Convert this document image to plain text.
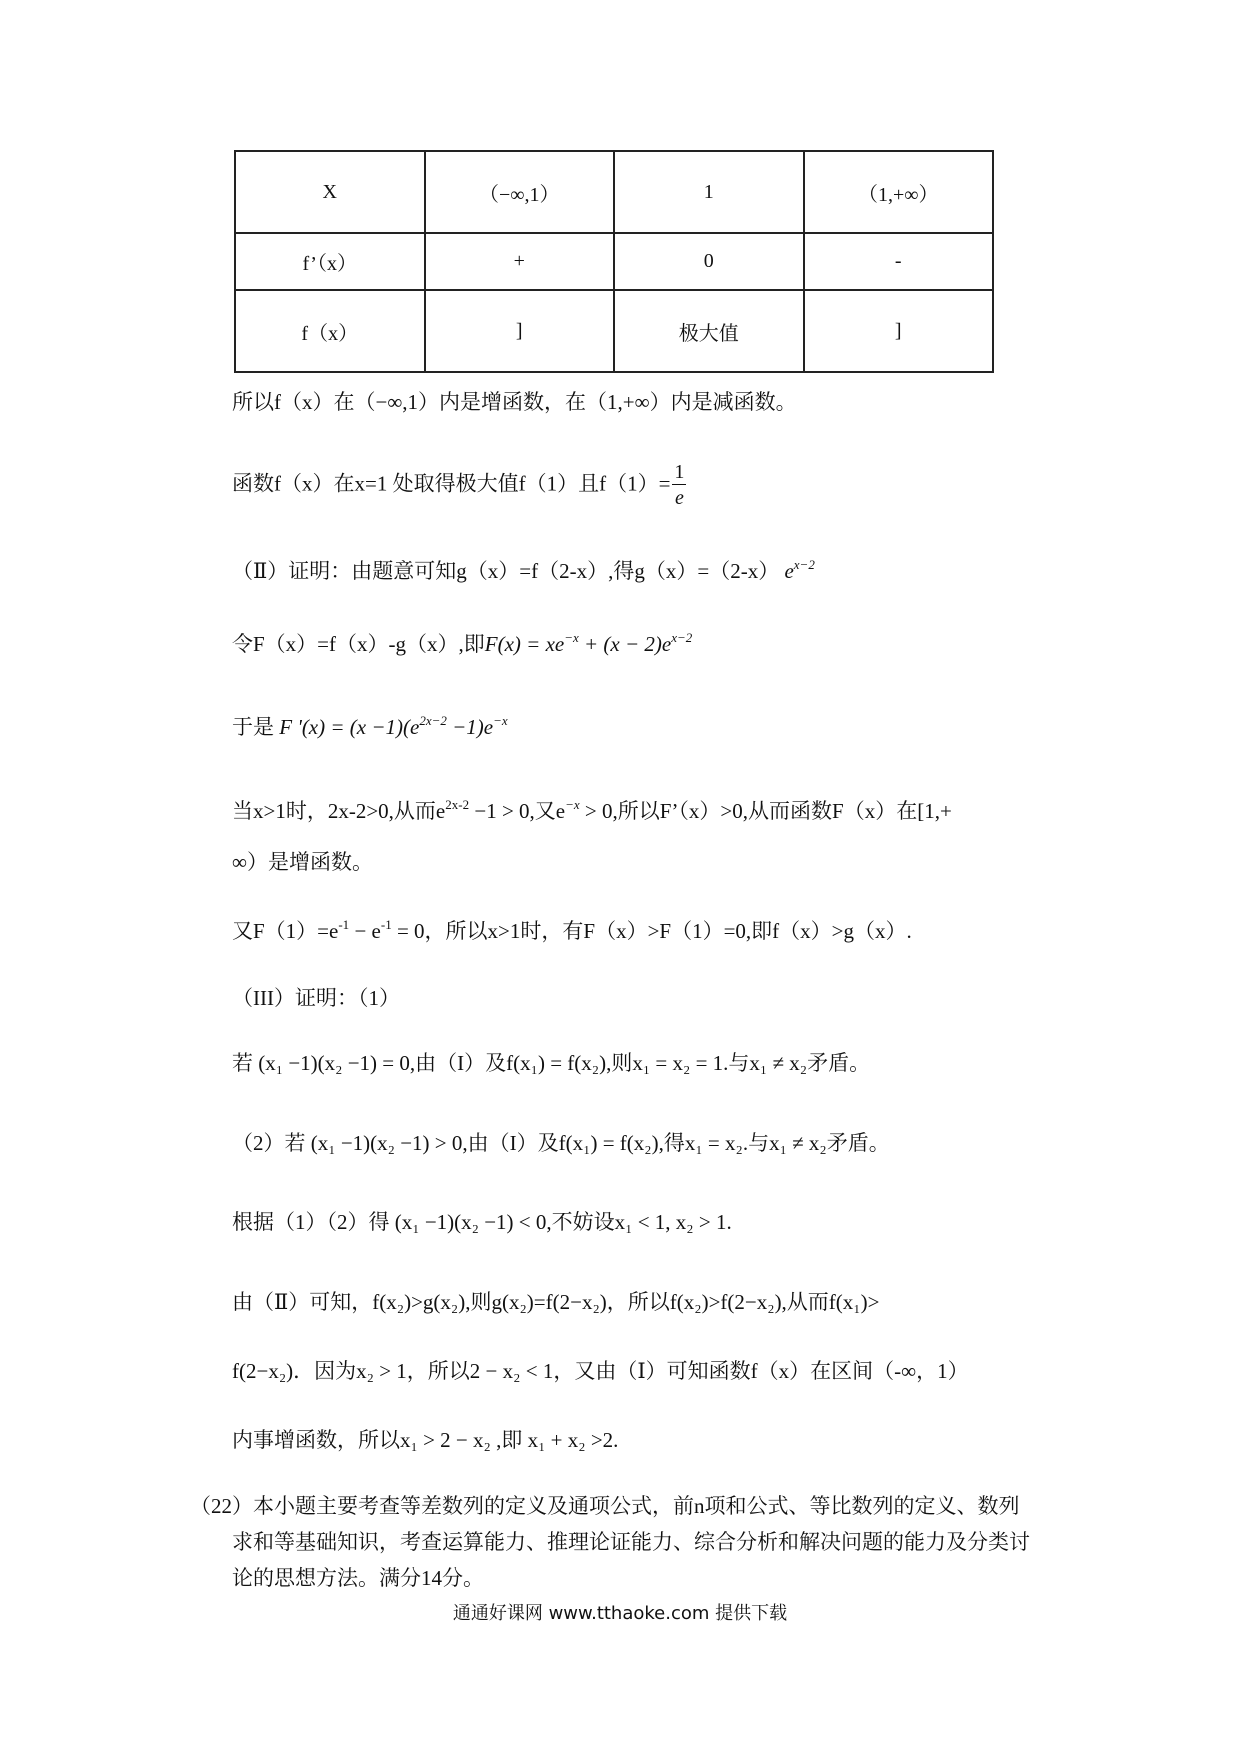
X	（−∞,1）	1	（1,+∞）
f’（x）	+	0	-
f（x）	]	极大值	]
所以f（x）在（−∞,1）内是增函数，在（1,+∞）内是减函数。
函数f（x）在x=1 处取得极大值f（1）且$f(1)= \frac{1}{e}$
（Ⅱ）证明：由题意可知g（x）=f（2-x）,得g（x）=（2-x） $e^{x-2}$
令F（x）=f（x）-g（x）,即$F(x) = xe^{-x} + (x - 2)e^{x-2}$
于是 F '$(x) = (x -1)(e^{2x-2} -1)e^{-x}$
当x>1时，2x-2>0,从而$e^{2x-2} -1 > 0$,又$e^{-x} > 0$,所以F’（x）>0,从而函数F（x）在[1,+
∞）是增函数。
又$F(1)=e^{-1} - e^{-1} = 0$，所以x>1时，有F（x）>F（1）=0,即f（x）>g（x）.
（III）证明：（1）
若 (x₁ −1)(x₂ −1) = 0,由（I）及f(x₁) = f(x₂),则x₁ = x₂ = 1.与x₁ ≠ x₂矛盾。
（2）若 (x₁ −1)(x₂ −1) > 0,由（I）及f(x₁) = f(x₂),得x₁ = x₂.与x₁ ≠ x₂矛盾。
根据（1）（2）得 (x₁ −1)(x₂ −1) < 0,不妨设x₁ < 1, x₂ > 1.
由（Ⅱ）可知，f(x₂)>g(x₂),则g(x₂)=f(2−x₂)，所以f(x₂)>f(2−x₂),从而f(x₁)>
f(2−x₂)．因为x₂ > 1，所以2 − x₂ < 1，又由（Ⅰ）可知函数f（x）在区间（-∞，1）
内事增函数，所以x₁ > 2 − x₂ ,即 x₁ + x₂ >2.
（22）本小题主要考查等差数列的定义及通项公式，前n项和公式、等比数列的定义、数列
求和等基础知识，考查运算能力、推理论证能力、综合分析和解决问题的能力及分类讨
论的思想方法。满分14分。
通通好课网 www.tthaoke.com 提供下载
